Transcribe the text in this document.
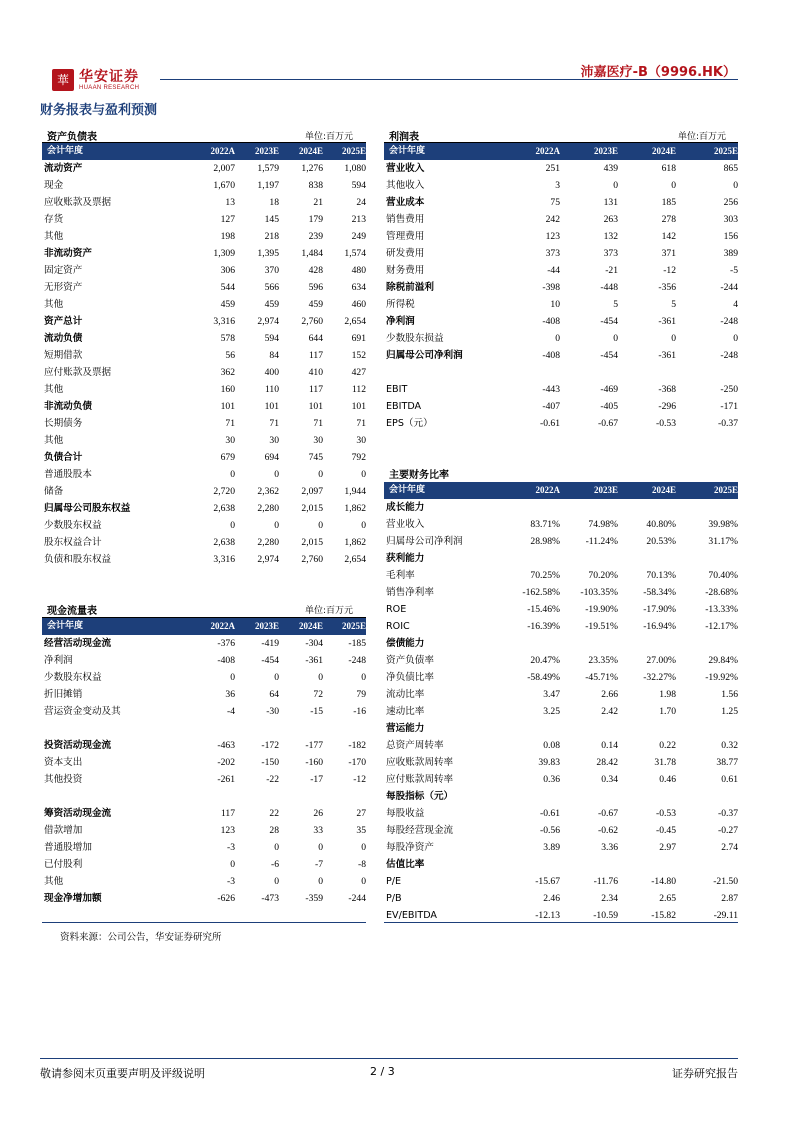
華 华安证券
HUAAN RESEARCH
沛嘉医疗-B（9996.HK）
财务报表与盈利预测
资产负债表	单位:百万元
会计年度	2022A	2023E	2024E	2025E
流动资产	2,007	1,579	1,276	1,080
现金	1,670	1,197	838	594
应收账款及票据	13	18	21	24
存货	127	145	179	213
其他	198	218	239	249
非流动资产	1,309	1,395	1,484	1,574
固定资产	306	370	428	480
无形资产	544	566	596	634
其他	459	459	459	460
资产总计	3,316	2,974	2,760	2,654
流动负债	578	594	644	691
短期借款	56	84	117	152
应付账款及票据	362	400	410	427
其他	160	110	117	112
非流动负债	101	101	101	101
长期债务	71	71	71	71
其他	30	30	30	30
负债合计	679	694	745	792
普通股股本	0	0	0	0
储备	2,720	2,362	2,097	1,944
归属母公司股东权益	2,638	2,280	2,015	1,862
少数股东权益	0	0	0	0
股东权益合计	2,638	2,280	2,015	1,862
负债和股东权益	3,316	2,974	2,760	2,654
利润表	单位:百万元
会计年度	2022A	2023E	2024E	2025E
营业收入	251	439	618	865
其他收入	3	0	0	0
营业成本	75	131	185	256
销售费用	242	263	278	303
管理费用	123	132	142	156
研发费用	373	373	371	389
财务费用	-44	-21	-12	-5
除税前溢利	-398	-448	-356	-244
所得税	10	5	5	4
净利润	-408	-454	-361	-248
少数股东损益	0	0	0	0
归属母公司净利润	-408	-454	-361	-248

EBIT	-443	-469	-368	-250
EBITDA	-407	-405	-296	-171
EPS（元）	-0.61	-0.67	-0.53	-0.37
主要财务比率
会计年度	2022A	2023E	2024E	2025E
成长能力				
营业收入	83.71%	74.98%	40.80%	39.98%
归属母公司净利润	28.98%	-11.24%	20.53%	31.17%
获利能力				
毛利率	70.25%	70.20%	70.13%	70.40%
销售净利率	-162.58%	-103.35%	-58.34%	-28.68%
ROE	-15.46%	-19.90%	-17.90%	-13.33%
ROIC	-16.39%	-19.51%	-16.94%	-12.17%
偿债能力				
资产负债率	20.47%	23.35%	27.00%	29.84%
净负债比率	-58.49%	-45.71%	-32.27%	-19.92%
流动比率	3.47	2.66	1.98	1.56
速动比率	3.25	2.42	1.70	1.25
营运能力				
总资产周转率	0.08	0.14	0.22	0.32
应收账款周转率	39.83	28.42	31.78	38.77
应付账款周转率	0.36	0.34	0.46	0.61
每股指标（元）				
每股收益	-0.61	-0.67	-0.53	-0.37
每股经营现金流	-0.56	-0.62	-0.45	-0.27
每股净资产	3.89	3.36	2.97	2.74
估值比率				
P/E	-15.67	-11.76	-14.80	-21.50
P/B	2.46	2.34	2.65	2.87
EV/EBITDA	-12.13	-10.59	-15.82	-29.11
现金流量表	单位:百万元
会计年度	2022A	2023E	2024E	2025E
经营活动现金流	-376	-419	-304	-185
净利润	-408	-454	-361	-248
少数股东权益	0	0	0	0
折旧摊销	36	64	72	79
营运资金变动及其	-4	-30	-15	-16

投资活动现金流	-463	-172	-177	-182
资本支出	-202	-150	-160	-170
其他投资	-261	-22	-17	-12

筹资活动现金流	117	22	26	27
借款增加	123	28	33	35
普通股增加	-3	0	0	0
已付股利	0	-6	-7	-8
其他	-3	0	0	0
现金净增加额	-626	-473	-359	-244
资料来源：公司公告，华安证券研究所
敬请参阅末页重要声明及评级说明	2 / 3	证券研究报告
